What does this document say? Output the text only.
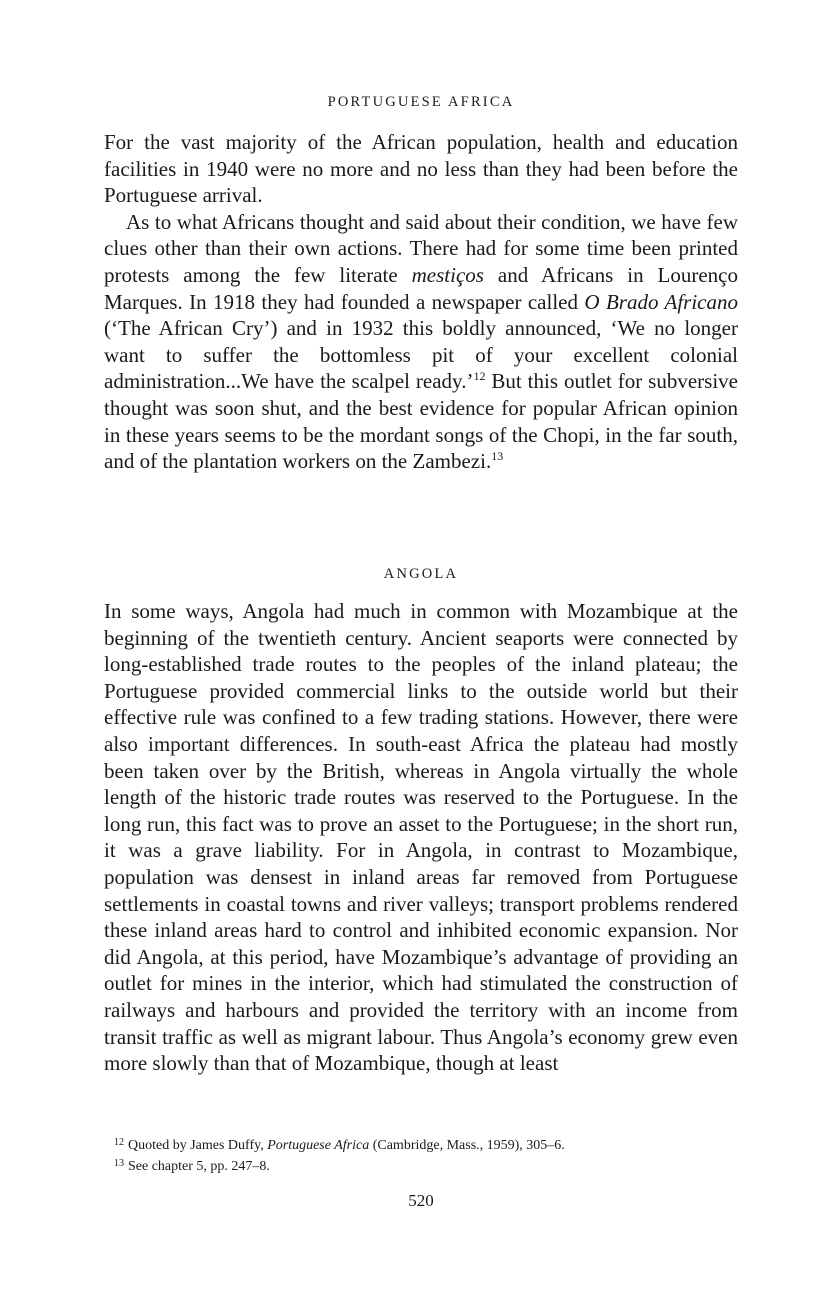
PORTUGUESE AFRICA

For the vast majority of the African population, health and education facilities in 1940 were no more and no less than they had been before the Portuguese arrival.

As to what Africans thought and said about their condition, we have few clues other than their own actions. There had for some time been printed protests among the few literate mestiços and Africans in Lourenço Marques. In 1918 they had founded a newspaper called O Brado Africano (‘The African Cry’) and in 1932 this boldly announced, ‘We no longer want to suffer the bottomless pit of your excellent colonial administration...We have the scalpel ready.’$^{12}$ But this outlet for subversive thought was soon shut, and the best evidence for popular African opinion in these years seems to be the mordant songs of the Chopi, in the far south, and of the plantation workers on the Zambezi.$^{13}$

ANGOLA

In some ways, Angola had much in common with Mozambique at the beginning of the twentieth century. Ancient seaports were connected by long-established trade routes to the peoples of the inland plateau; the Portuguese provided commercial links to the outside world but their effective rule was confined to a few trading stations. However, there were also important differences. In south-east Africa the plateau had mostly been taken over by the British, whereas in Angola virtually the whole length of the historic trade routes was reserved to the Portuguese. In the long run, this fact was to prove an asset to the Portuguese; in the short run, it was a grave liability. For in Angola, in contrast to Mozambique, population was densest in inland areas far removed from Portuguese settlements in coastal towns and river valleys; transport problems rendered these inland areas hard to control and inhibited economic expansion. Nor did Angola, at this period, have Mozambique’s advantage of providing an outlet for mines in the interior, which had stimulated the construction of railways and harbours and provided the territory with an income from transit traffic as well as migrant labour. Thus Angola’s economy grew even more slowly than that of Mozambique, though at least

$^{12}$ Quoted by James Duffy, Portuguese Africa (Cambridge, Mass., 1959), 305–6.

$^{13}$ See chapter 5, pp. 247–8.

520
